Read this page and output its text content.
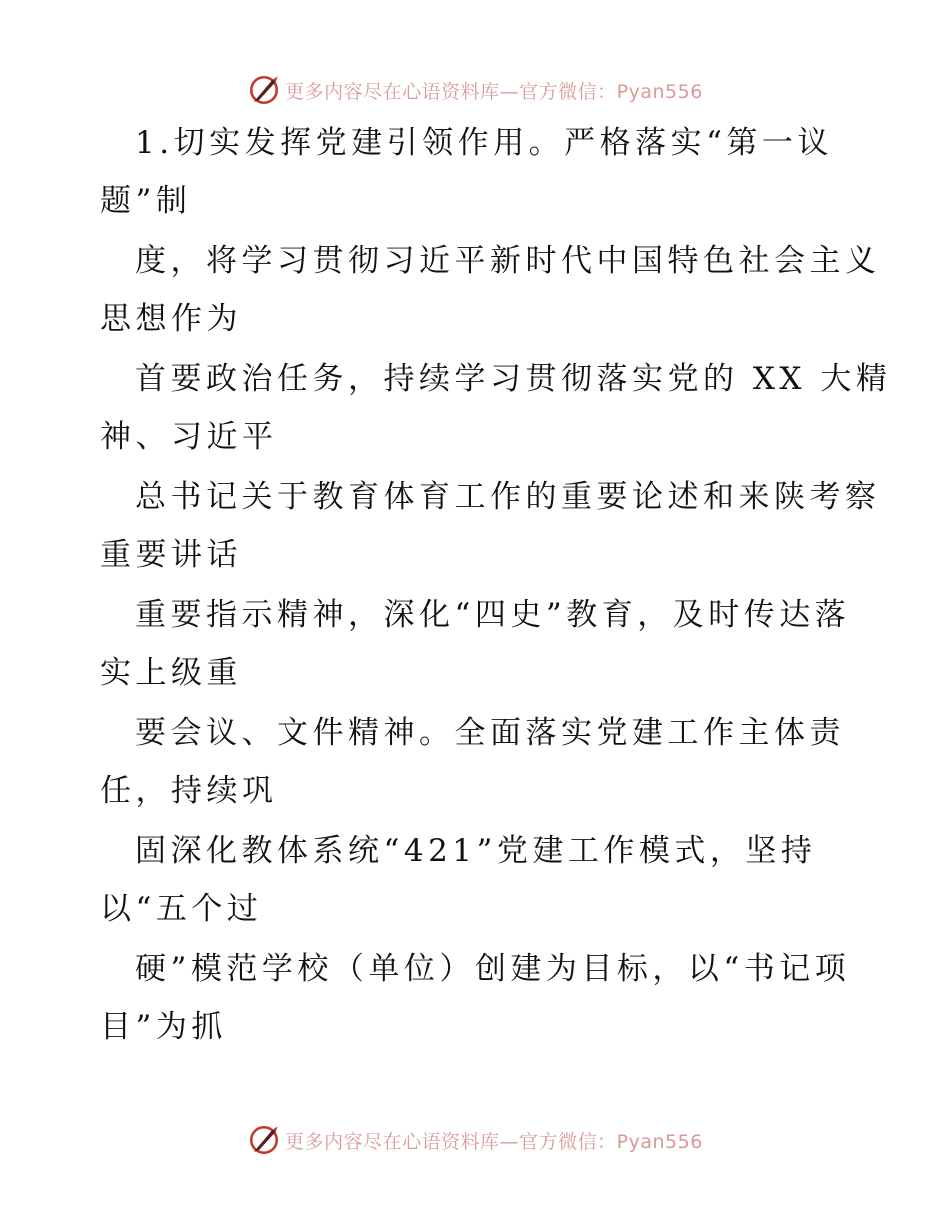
更多内容尽在心语资料库—官方微信：Pyan556
1.切实发挥党建引领作用。严格落实“第一议
题”制
度，将学习贯彻习近平新时代中国特色社会主义
思想作为
首要政治任务，持续学习贯彻落实党的 XX 大精
神、习近平
总书记关于教育体育工作的重要论述和来陕考察
重要讲话
重要指示精神，深化“四史”教育，及时传达落
实上级重
要会议、文件精神。全面落实党建工作主体责
任，持续巩
固深化教体系统“421”党建工作模式，坚持
以“五个过
硬”模范学校（单位）创建为目标，以“书记项
目”为抓
更多内容尽在心语资料库—官方微信：Pyan556
